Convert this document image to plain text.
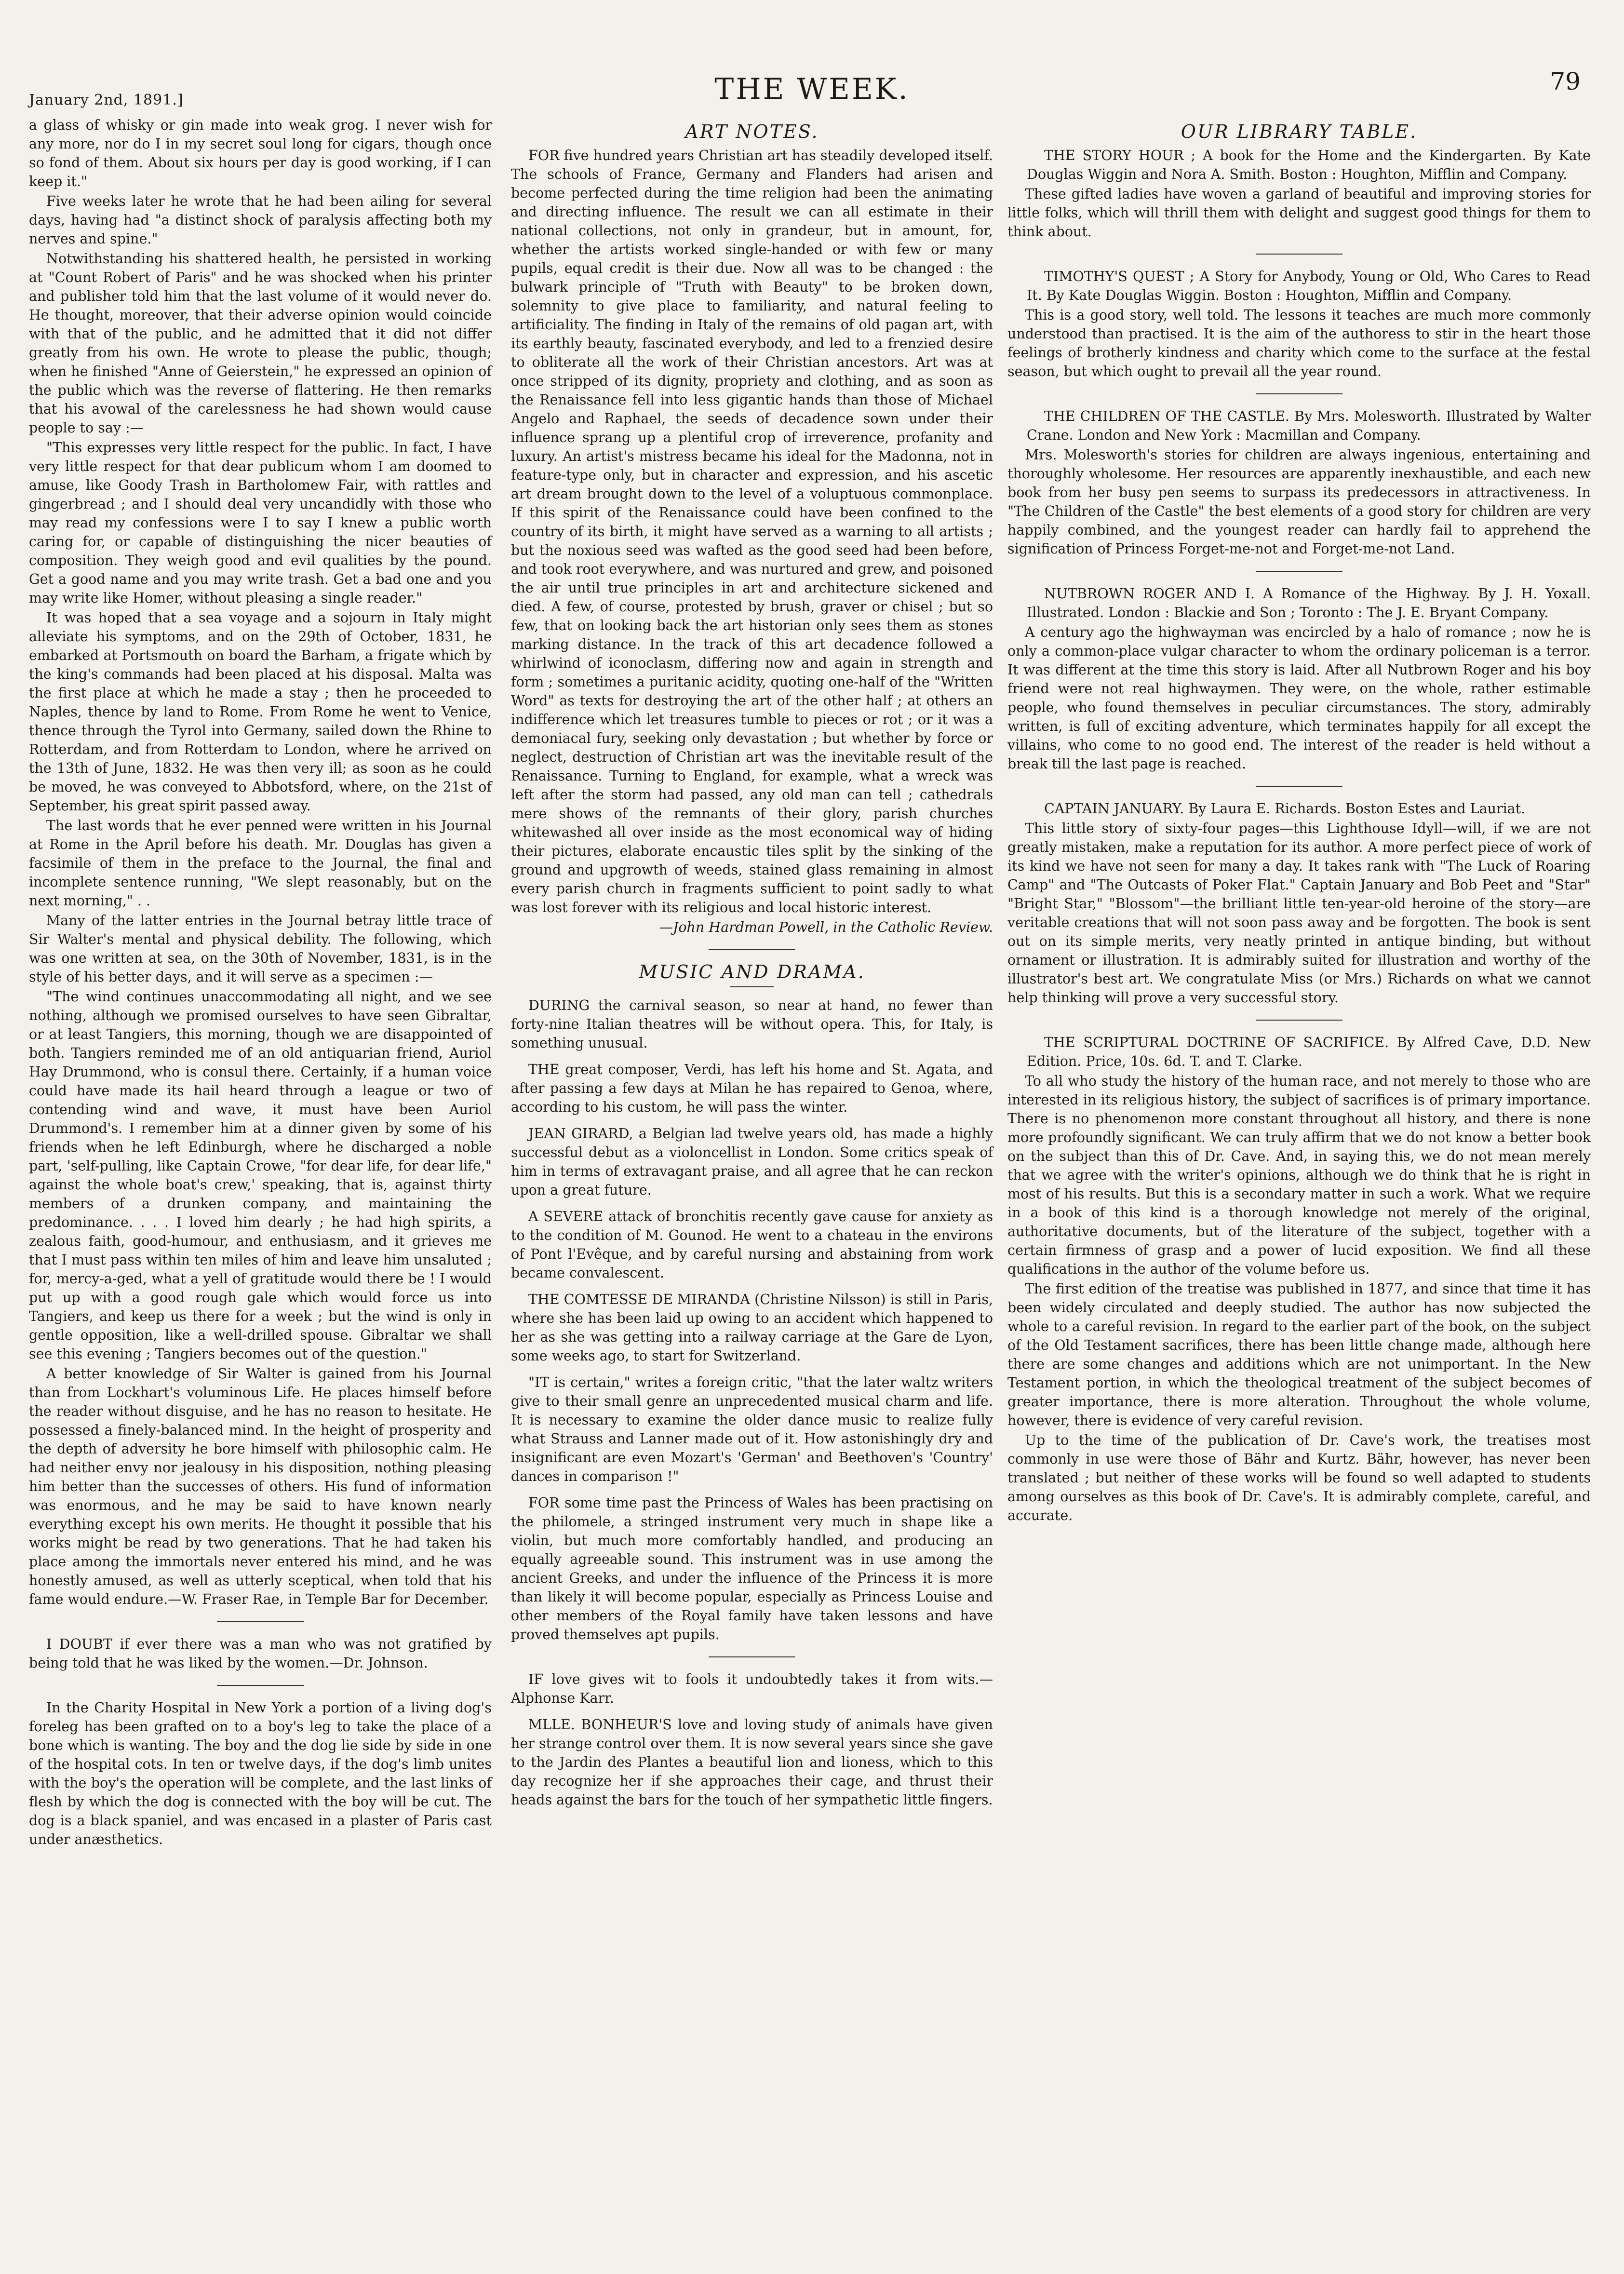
January 2nd, 1891.]	THE WEEK.	79

a glass of whisky or gin made into weak grog. I never wish for any more, nor do I in my secret soul long for cigars, though once so fond of them. About six hours per day is good working, if I can keep it."

Five weeks later he wrote that he had been ailing for several days, having had "a distinct shock of paralysis affecting both my nerves and spine."

Notwithstanding his shattered health, he persisted in working at "Count Robert of Paris" and he was shocked when his printer and publisher told him that the last volume of it would never do. He thought, moreover, that their adverse opinion would coincide with that of the public, and he admitted that it did not differ greatly from his own. He wrote to please the public, though; when he finished "Anne of Geierstein," he expressed an opinion of the public which was the reverse of flattering. He then remarks that his avowal of the carelessness he had shown would cause people to say :—

"This expresses very little respect for the public. In fact, I have very little respect for that dear publicum whom I am doomed to amuse, like Goody Trash in Bartholomew Fair, with rattles and gingerbread ; and I should deal very uncandidly with those who may read my confessions were I to say I knew a public worth caring for, or capable of distinguishing the nicer beauties of composition. They weigh good and evil qualities by the pound. Get a good name and you may write trash. Get a bad one and you may write like Homer, without pleasing a single reader."

It was hoped that a sea voyage and a sojourn in Italy might alleviate his symptoms, and on the 29th of October, 1831, he embarked at Portsmouth on board the Barham, a frigate which by the king's commands had been placed at his disposal. Malta was the first place at which he made a stay ; then he proceeded to Naples, thence by land to Rome. From Rome he went to Venice, thence through the Tyrol into Germany, sailed down the Rhine to Rotterdam, and from Rotterdam to London, where he arrived on the 13th of June, 1832. He was then very ill; as soon as he could be moved, he was conveyed to Abbotsford, where, on the 21st of September, his great spirit passed away.

The last words that he ever penned were written in his Journal at Rome in the April before his death. Mr. Douglas has given a facsimile of them in the preface to the Journal, the final and incomplete sentence running, "We slept reasonably, but on the next morning," . .

Many of the latter entries in the Journal betray little trace of Sir Walter's mental and physical debility. The following, which was one written at sea, on the 30th of November, 1831, is in the style of his better days, and it will serve as a specimen :—

"The wind continues unaccommodating all night, and we see nothing, although we promised ourselves to have seen Gibraltar, or at least Tangiers, this morning, though we are disappointed of both. Tangiers reminded me of an old antiquarian friend, Auriol Hay Drummond, who is consul there. Certainly, if a human voice could have made its hail heard through a league or two of contending wind and wave, it must have been Auriol Drummond's. I remember him at a dinner given by some of his friends when he left Edinburgh, where he discharged a noble part, 'self-pulling, like Captain Crowe, "for dear life, for dear life," against the whole boat's crew,' speaking, that is, against thirty members of a drunken company, and maintaining the predominance. . . . I loved him dearly ; he had high spirits, a zealous faith, good-humour, and enthusiasm, and it grieves me that I must pass within ten miles of him and leave him unsaluted ; for, mercy-a-ged, what a yell of gratitude would there be ! I would put up with a good rough gale which would force us into Tangiers, and keep us there for a week ; but the wind is only in gentle opposition, like a well-drilled spouse. Gibraltar we shall see this evening ; Tangiers becomes out of the question."

A better knowledge of Sir Walter is gained from his Journal than from Lockhart's voluminous Life. He places himself before the reader without disguise, and he has no reason to hesitate. He possessed a finely-balanced mind. In the height of prosperity and the depth of adversity he bore himself with philosophic calm. He had neither envy nor jealousy in his disposition, nothing pleasing him better than the successes of others. His fund of information was enormous, and he may be said to have known nearly everything except his own merits. He thought it possible that his works might be read by two generations. That he had taken his place among the immortals never entered his mind, and he was honestly amused, as well as utterly sceptical, when told that his fame would endure.—W. Fraser Rae, in Temple Bar for December.

I DOUBT if ever there was a man who was not gratified by being told that he was liked by the women.—Dr. Johnson.

In the Charity Hospital in New York a portion of a living dog's foreleg has been grafted on to a boy's leg to take the place of a bone which is wanting. The boy and the dog lie side by side in one of the hospital cots. In ten or twelve days, if the dog's limb unites with the boy's the operation will be complete, and the last links of flesh by which the dog is connected with the boy will be cut. The dog is a black spaniel, and was encased in a plaster of Paris cast under anæsthetics.

ART NOTES.

FOR five hundred years Christian art has steadily developed itself. The schools of France, Germany and Flanders had arisen and become perfected during the time religion had been the animating and directing influence. The result we can all estimate in their national collections, not only in grandeur, but in amount, for, whether the artists worked single-handed or with few or many pupils, equal credit is their due. Now all was to be changed : the bulwark principle of "Truth with Beauty" to be broken down, solemnity to give place to familiarity, and natural feeling to artificiality. The finding in Italy of the remains of old pagan art, with its earthly beauty, fascinated everybody, and led to a frenzied desire to obliterate all the work of their Christian ancestors. Art was at once stripped of its dignity, propriety and clothing, and as soon as the Renaissance fell into less gigantic hands than those of Michael Angelo and Raphael, the seeds of decadence sown under their influence sprang up a plentiful crop of irreverence, profanity and luxury. An artist's mistress became his ideal for the Madonna, not in feature-type only, but in character and expression, and his ascetic art dream brought down to the level of a voluptuous commonplace. If this spirit of the Renaissance could have been confined to the country of its birth, it might have served as a warning to all artists ; but the noxious seed was wafted as the good seed had been before, and took root everywhere, and was nurtured and grew, and poisoned the air until true principles in art and architecture sickened and died. A few, of course, protested by brush, graver or chisel ; but so few, that on looking back the art historian only sees them as stones marking distance. In the track of this art decadence followed a whirlwind of iconoclasm, differing now and again in strength and form ; sometimes a puritanic acidity, quoting one-half of the "Written Word" as texts for destroying the art of the other half ; at others an indifference which let treasures tumble to pieces or rot ; or it was a demoniacal fury, seeking only devastation ; but whether by force or neglect, destruction of Christian art was the inevitable result of the Renaissance. Turning to England, for example, what a wreck was left after the storm had passed, any old man can tell ; cathedrals mere shows of the remnants of their glory, parish churches whitewashed all over inside as the most economical way of hiding their pictures, elaborate encaustic tiles split by the sinking of the ground and upgrowth of weeds, stained glass remaining in almost every parish church in fragments sufficient to point sadly to what was lost forever with its religious and local historic interest.

—John Hardman Powell, in the Catholic Review.

MUSIC AND DRAMA.

DURING the carnival season, so near at hand, no fewer than forty-nine Italian theatres will be without opera. This, for Italy, is something unusual.

THE great composer, Verdi, has left his home and St. Agata, and after passing a few days at Milan he has repaired to Genoa, where, according to his custom, he will pass the winter.

JEAN GIRARD, a Belgian lad twelve years old, has made a highly successful debut as a violoncellist in London. Some critics speak of him in terms of extravagant praise, and all agree that he can reckon upon a great future.

A SEVERE attack of bronchitis recently gave cause for anxiety as to the condition of M. Gounod. He went to a chateau in the environs of Pont l'Evêque, and by careful nursing and abstaining from work became convalescent.

THE COMTESSE DE MIRANDA (Christine Nilsson) is still in Paris, where she has been laid up owing to an accident which happened to her as she was getting into a railway carriage at the Gare de Lyon, some weeks ago, to start for Switzerland.

"IT is certain," writes a foreign critic, "that the later waltz writers give to their small genre an unprecedented musical charm and life. It is necessary to examine the older dance music to realize fully what Strauss and Lanner made out of it. How astonishingly dry and insignificant are even Mozart's 'German' and Beethoven's 'Country' dances in comparison !"

FOR some time past the Princess of Wales has been practising on the philomele, a stringed instrument very much in shape like a violin, but much more comfortably handled, and producing an equally agreeable sound. This instrument was in use among the ancient Greeks, and under the influence of the Princess it is more than likely it will become popular, especially as Princess Louise and other members of the Royal family have taken lessons and have proved themselves apt pupils.

IF love gives wit to fools it undoubtedly takes it from wits.—Alphonse Karr.

MLLE. BONHEUR'S love and loving study of animals have given her strange control over them. It is now several years since she gave to the Jardin des Plantes a beautiful lion and lioness, which to this day recognize her if she approaches their cage, and thrust their heads against the bars for the touch of her sympathetic little fingers.

OUR LIBRARY TABLE.

THE STORY HOUR ; A book for the Home and the Kindergarten. By Kate Douglas Wiggin and Nora A. Smith. Boston : Houghton, Mifflin and Company.

These gifted ladies have woven a garland of beautiful and improving stories for little folks, which will thrill them with delight and suggest good things for them to think about.

TIMOTHY'S QUEST ; A Story for Anybody, Young or Old, Who Cares to Read It. By Kate Douglas Wiggin. Boston : Houghton, Mifflin and Company.

This is a good story, well told. The lessons it teaches are much more commonly understood than practised. It is the aim of the authoress to stir in the heart those feelings of brotherly kindness and charity which come to the surface at the festal season, but which ought to prevail all the year round.

THE CHILDREN OF THE CASTLE. By Mrs. Molesworth. Illustrated by Walter Crane. London and New York : Macmillan and Company.

Mrs. Molesworth's stories for children are always ingenious, entertaining and thoroughly wholesome. Her resources are apparently inexhaustible, and each new book from her busy pen seems to surpass its predecessors in attractiveness. In "The Children of the Castle" the best elements of a good story for children are very happily combined, and the youngest reader can hardly fail to apprehend the signification of Princess Forget-me-not and Forget-me-not Land.

NUTBROWN ROGER AND I. A Romance of the Highway. By J. H. Yoxall. Illustrated. London : Blackie and Son ; Toronto : The J. E. Bryant Company.

A century ago the highwayman was encircled by a halo of romance ; now he is only a common-place vulgar character to whom the ordinary policeman is a terror. It was different at the time this story is laid. After all Nutbrown Roger and his boy friend were not real highwaymen. They were, on the whole, rather estimable people, who found themselves in peculiar circumstances. The story, admirably written, is full of exciting adventure, which terminates happily for all except the villains, who come to no good end. The interest of the reader is held without a break till the last page is reached.

CAPTAIN JANUARY. By Laura E. Richards. Boston Estes and Lauriat.

This little story of sixty-four pages—this Lighthouse Idyll—will, if we are not greatly mistaken, make a reputation for its author. A more perfect piece of work of its kind we have not seen for many a day. It takes rank with "The Luck of Roaring Camp" and "The Outcasts of Poker Flat." Captain January and Bob Peet and "Star" "Bright Star," "Blossom"—the brilliant little ten-year-old heroine of the story—are veritable creations that will not soon pass away and be forgotten. The book is sent out on its simple merits, very neatly printed in antique binding, but without ornament or illustration. It is admirably suited for illustration and worthy of the illustrator's best art. We congratulate Miss (or Mrs.) Richards on what we cannot help thinking will prove a very successful story.

THE SCRIPTURAL DOCTRINE OF SACRIFICE. By Alfred Cave, D.D. New Edition. Price, 10s. 6d. T. and T. Clarke.

To all who study the history of the human race, and not merely to those who are interested in its religious history, the subject of sacrifices is of primary importance. There is no phenomenon more constant throughout all history, and there is none more profoundly significant. We can truly affirm that we do not know a better book on the subject than this of Dr. Cave. And, in saying this, we do not mean merely that we agree with the writer's opinions, although we do think that he is right in most of his results. But this is a secondary matter in such a work. What we require in a book of this kind is a thorough knowledge not merely of the original, authoritative documents, but of the literature of the subject, together with a certain firmness of grasp and a power of lucid exposition. We find all these qualifications in the author of the volume before us.

The first edition of the treatise was published in 1877, and since that time it has been widely circulated and deeply studied. The author has now subjected the whole to a careful revision. In regard to the earlier part of the book, on the subject of the Old Testament sacrifices, there has been little change made, although here there are some changes and additions which are not unimportant. In the New Testament portion, in which the theological treatment of the subject becomes of greater importance, there is more alteration. Throughout the whole volume, however, there is evidence of very careful revision.

Up to the time of the publication of Dr. Cave's work, the treatises most commonly in use were those of Bähr and Kurtz. Bähr, however, has never been translated ; but neither of these works will be found so well adapted to students among ourselves as this book of Dr. Cave's. It is admirably complete, careful, and accurate.
